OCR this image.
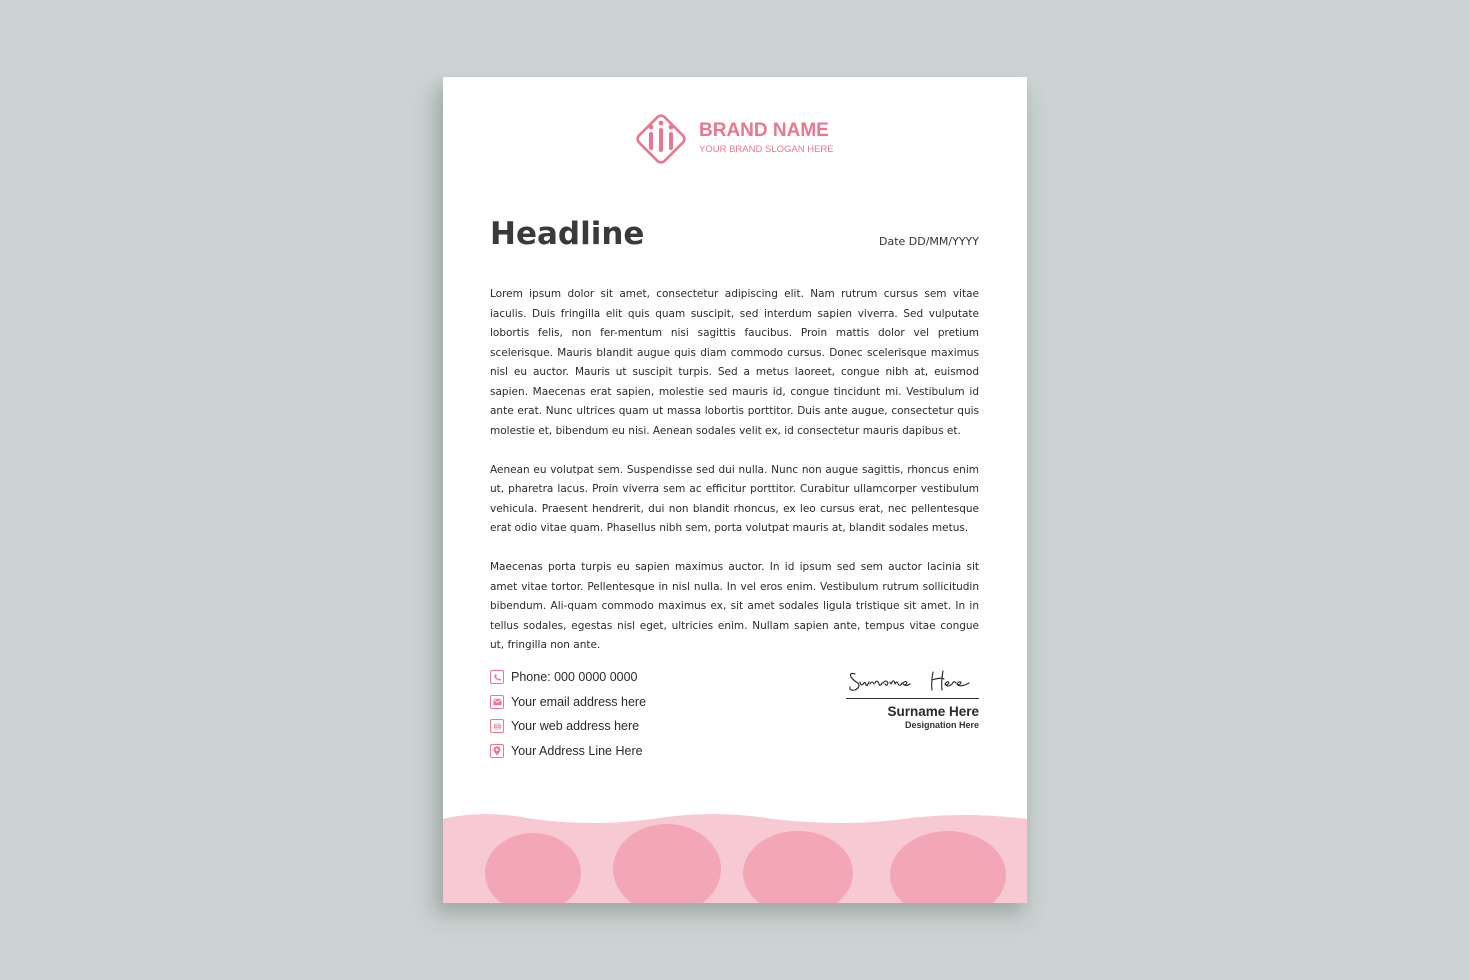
BRAND NAME
YOUR BRAND SLOGAN HERE
Headline	Date DD/MM/YYYY

Lorem ipsum dolor sit amet, consectetur adipiscing elit. Nam rutrum cursus sem vitae iaculis. Duis fringilla elit quis quam suscipit, sed interdum sapien viverra. Sed vulputate lobortis felis, non fer-mentum nisi sagittis faucibus. Proin mattis dolor vel pretium scelerisque. Mauris blandit augue quis diam commodo cursus. Donec scelerisque maximus nisl eu auctor. Mauris ut suscipit turpis. Sed a metus laoreet, congue nibh at, euismod sapien. Maecenas erat sapien, molestie sed mauris id, congue tincidunt mi. Vestibulum id ante erat. Nunc ultrices quam ut massa lobortis porttitor. Duis ante augue, consectetur quis molestie et, bibendum eu nisi. Aenean sodales velit ex, id consectetur mauris dapibus et.

Aenean eu volutpat sem. Suspendisse sed dui nulla. Nunc non augue sagittis, rhoncus enim ut, pharetra lacus. Proin viverra sem ac efficitur porttitor. Curabitur ullamcorper vestibulum vehicula. Praesent hendrerit, dui non blandit rhoncus, ex leo cursus erat, nec pellentesque erat odio vitae quam. Phasellus nibh sem, porta volutpat mauris at, blandit sodales metus.

Maecenas porta turpis eu sapien maximus auctor. In id ipsum sed sem auctor lacinia sit amet vitae tortor. Pellentesque in nisl nulla. In vel eros enim. Vestibulum rutrum sollicitudin bibendum. Ali-quam commodo maximus ex, sit amet sodales ligula tristique sit amet. In in tellus sodales, egestas nisl eget, ultricies enim. Nullam sapien ante, tempus vitae congue ut, fringilla non ante.

Phone: 000 0000 0000
Your email address here
Your web address here
Your Address Line Here
Surname Here
Designation Here
